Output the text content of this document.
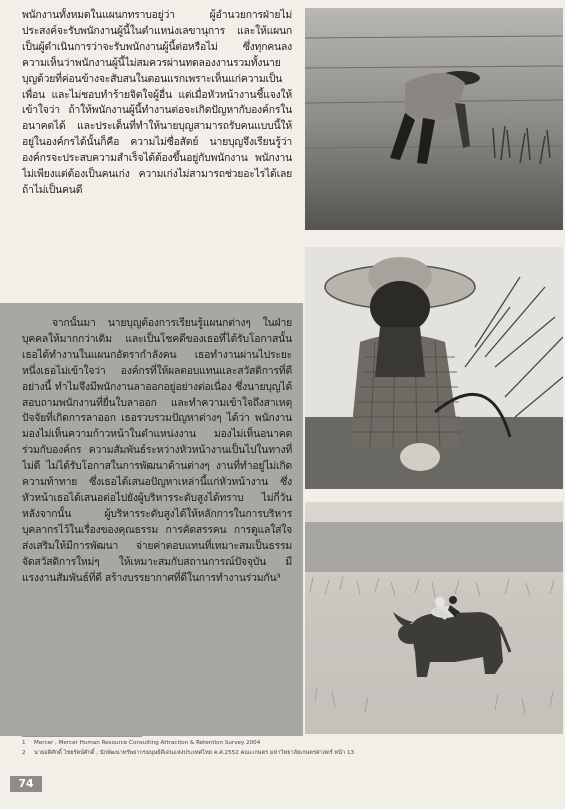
พนักงานทั้งหมดในแผนกทราบอยู่ว่า ผู้อำนวยการฝ่ายไม่ประสงค์จะรับพนักงานผู้นี้ในตำแหน่งเลขานุการ และให้แผนกเป็นผู้ดำเนินการว่าจะรับพนักงานผู้นี้ต่อหรือไม่ ซึ่งทุกคนลงความเห็นว่าพนักงานผู้นี้ไม่สมควรผ่านทดลองงานรวมทั้งนายบุญด้วยที่ค่อนข้างจะสับสนในตอนแรกเพราะเห็นแก่ความเป็นเพื่อน และไม่ชอบทำร้ายจิตใจผู้อื่น แต่เมื่อหัวหน้างานชี้แจงให้เข้าใจว่า ถ้าให้พนักงานผู้นี้ทำงานต่อจะเกิดปัญหากับองค์กรในอนาคตได้ และประเด็นที่ทำให้นายบุญสามารถรับคนแบบนี้ให้อยู่ในองค์กรได้นั้นก็คือ ความไม่ซื่อสัตย์ นายบุญจึงเรียนรู้ว่า องค์กรจะประสบความสำเร็จได้ต้องขึ้นอยู่กับพนักงาน พนักงานไม่เพียงแต่ต้องเป็นคนเก่ง ความเก่งไม่สามารถช่วยอะไรได้เลยถ้าไม่เป็นคนดี

จากนั้นมา นายบุญต้องการเรียนรู้แผนกต่างๆ ในฝ่ายบุคคลให้มากกว่าเดิม และเป็นโชคดีของเธอที่ได้รับโอกาสนั้น เธอได้ทำงานในแผนกอัตรากำลังคน เธอทำงานผ่านไประยะหนึ่งเธอไม่เข้าใจว่า องค์กรที่ให้ผลตอบแทนและสวัสดิการที่ดีอย่างนี้ ทำไมจึงมีพนักงานลาออกอยู่อย่างต่อเนื่อง ซึ่งนายบุญได้สอบถามพนักงานที่ยื่นใบลาออก และทำความเข้าใจถึงสาเหตุปัจจัยที่เกิดการลาออก เธอรวบรวมปัญหาต่างๆ ได้ว่า พนักงานมองไม่เห็นความก้าวหน้าในตำแหน่งงาน มองไม่เห็นอนาคตร่วมกับองค์กร ความสัมพันธ์ระหว่างหัวหน้างานเป็นไปในทางที่ไม่ดี ไม่ได้รับโอกาสในการพัฒนาด้านต่างๆ งานที่ทำอยู่ไม่เกิดความท้าทาย ซึ่งเธอได้เสนอปัญหาเหล่านี้แก่หัวหน้างาน ซึ่งหัวหน้าเธอได้เสนอต่อไปยังผู้บริหารระดับสูงได้ทราบ ไม่กี่วันหลังจากนั้น ผู้บริหารระดับสูงได้ให้หลักการในการบริหารบุคลากรไว้ในเรื่องของคุณธรรม การคัดสรรคน การดูแลใส่ใจ ส่งเสริมให้มีการพัฒนา จ่ายค่าตอบแทนที่เหมาะสมเป็นธรรม จัดสวัสดิการใหม่ๆ ให้เหมาะสมกับสถานการณ์ปัจจุบัน มีแรงงานสัมพันธ์ที่ดี สร้างบรรยากาศที่ดีในการทำงานร่วมกัน³

1 Mercer , Mercer Human Resource Consulting Attraction & Retention Survey 2004
2 นายอดิศักดิ์ ไชยรัตน์ศักดิ์ , นักพัฒนาทรัพยากรมนุษย์ดีเด่นแห่งประเทศไทย ค.ศ.2552 คณะเกษตร มหาวิทยาลัยเกษตรศาสตร์ หน้า 13
74
